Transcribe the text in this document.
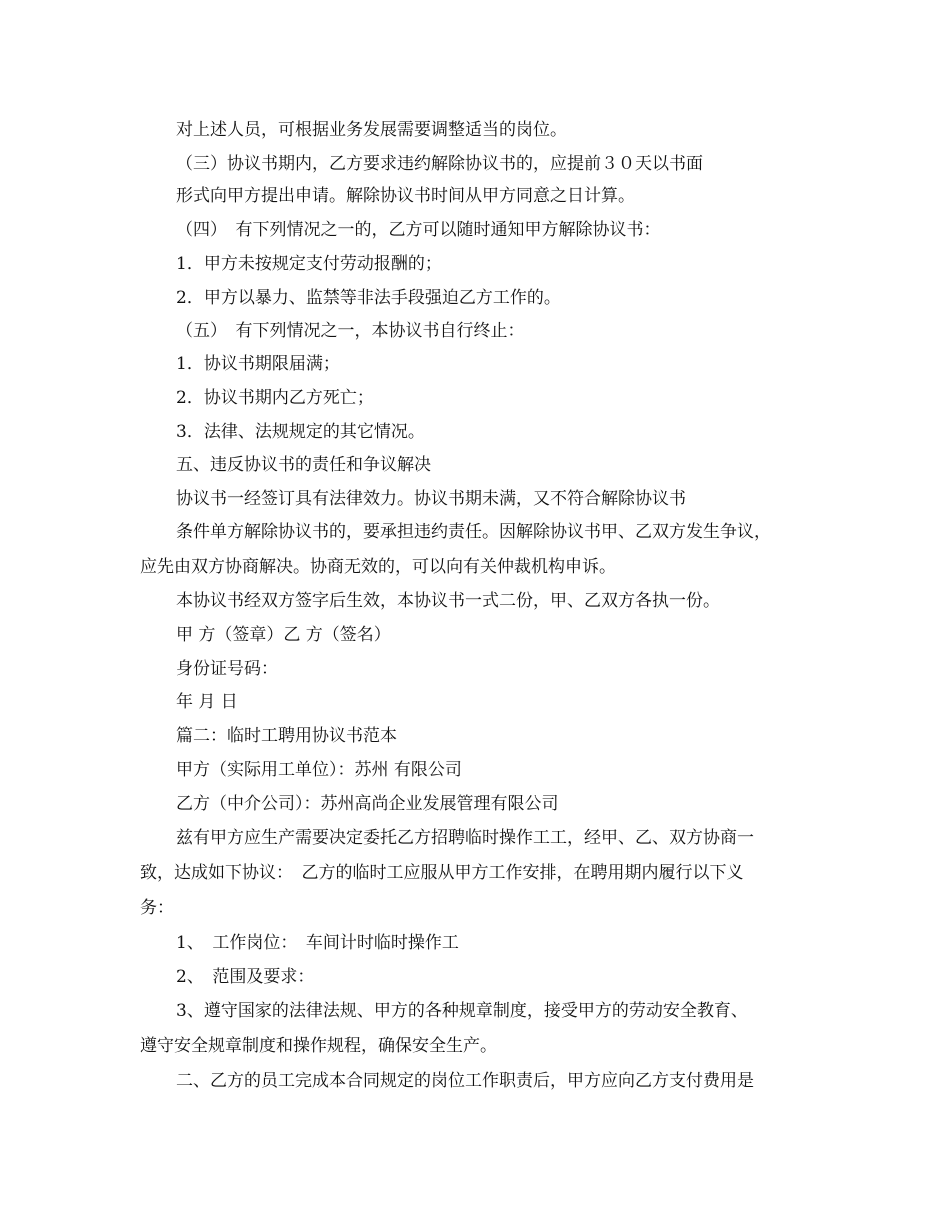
对上述人员，可根据业务发展需要调整适当的岗位。
（三）协议书期内，乙方要求违约解除协议书的，应提前３０天以书面
形式向甲方提出申请。解除协议书时间从甲方同意之日计算。
（四）　有下列情况之一的，乙方可以随时通知甲方解除协议书：
1．甲方未按规定支付劳动报酬的；
2．甲方以暴力、监禁等非法手段强迫乙方工作的。
（五）　有下列情况之一，本协议书自行终止：
1．协议书期限届满；
2．协议书期内乙方死亡；
3．法律、法规规定的其它情况。
五、违反协议书的责任和争议解决
协议书一经签订具有法律效力。协议书期未满，又不符合解除协议书
条件单方解除协议书的，要承担违约责任。因解除协议书甲、乙双方发生争议，
应先由双方协商解决。协商无效的，可以向有关仲裁机构申诉。
本协议书经双方签字后生效，本协议书一式二份，甲、乙双方各执一份。
甲 方（签章）乙 方（签名）
身份证号码：
年 月 日
篇二：临时工聘用协议书范本
甲方（实际用工单位）：苏州 有限公司
乙方（中介公司）：苏州高尚企业发展管理有限公司
兹有甲方应生产需要决定委托乙方招聘临时操作工工，经甲、乙、双方协商一
致，达成如下协议：　乙方的临时工应服从甲方工作安排，在聘用期内履行以下义
务：
1、　工作岗位：　车间计时临时操作工
2、　范围及要求：
3、遵守国家的法律法规、甲方的各种规章制度，接受甲方的劳动安全教育、
遵守安全规章制度和操作规程，确保安全生产。
二、乙方的员工完成本合同规定的岗位工作职责后，甲方应向乙方支付费用是
